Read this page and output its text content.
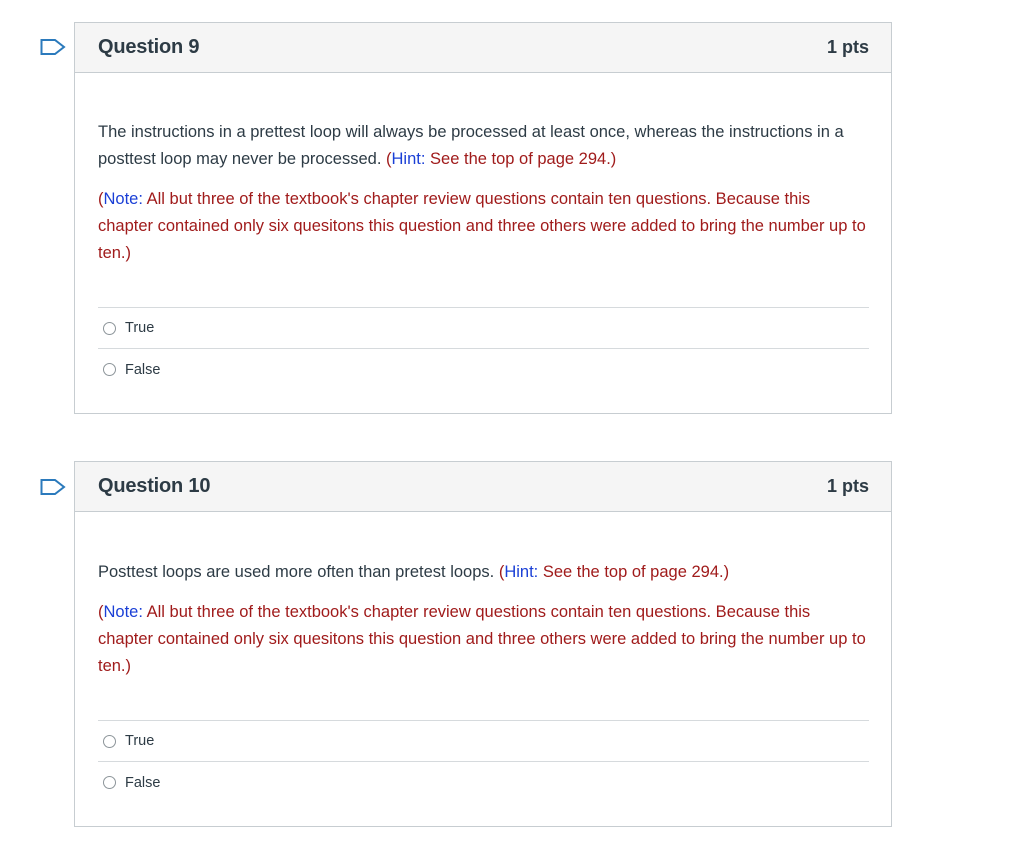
Question 9	1 pts

The instructions in a prettest loop will always be processed at least once, whereas the instructions in a posttest loop may never be processed. (Hint: See the top of page 294.)

(Note: All but three of the textbook's chapter review questions contain ten questions. Because this chapter contained only six quesitons this question and three others were added to bring the number up to ten.)

True
False
Question 10	1 pts

Posttest loops are used more often than pretest loops. (Hint: See the top of page 294.)

(Note: All but three of the textbook's chapter review questions contain ten questions. Because this chapter contained only six quesitons this question and three others were added to bring the number up to ten.)

True
False
